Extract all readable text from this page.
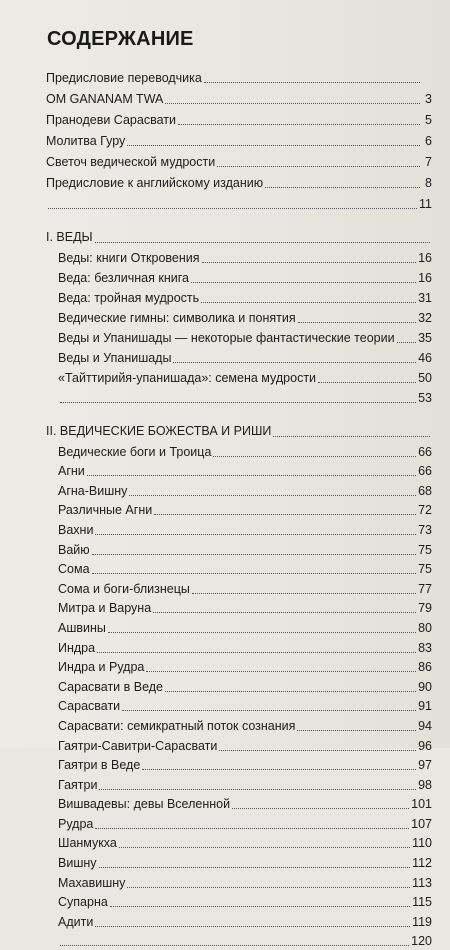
СОДЕРЖАНИЕ
Предисловие переводчика
OM GANANAM TWA	3
Пранодеви Сарасвати	5
Молитва Гуру	6
Светоч ведической мудрости	7
Предисловие к английскому изданию	8
11
I. ВЕДЫ
Веды: книги Откровения	16
Веда: безличная книга	16
Веда: тройная мудрость	31
Ведические гимны: символика и понятия	32
Веды и Упанишады — некоторые фантастические теории 35
Веды и Упанишады	46
«Тайттирийя-упанишада»: семена мудрости	50
53
II. ВЕДИЧЕСКИЕ БОЖЕСТВА И РИШИ
Ведические боги и Троица	66
Агни	66
Агна-Вишну	68
Различные Агни	72
Вахни	73
Вайю	75
Сома	75
Сома и боги-близнецы	77
Митра и Варуна	79
Ашвины	80
Индра	83
Индра и Рудра	86
Сарасвати в Веде	90
Сарасвати	91
Сарасвати: семикратный поток сознания	94
Гаятри-Савитри-Сарасвати	96
Гаятри в Веде	97
Гаятри	98
Вишвадевы: девы Вселенной	101
Рудра	107
Шанмукха	110
Вишну	112
Махавишну	113
Супарна	115
Адити	119
120
